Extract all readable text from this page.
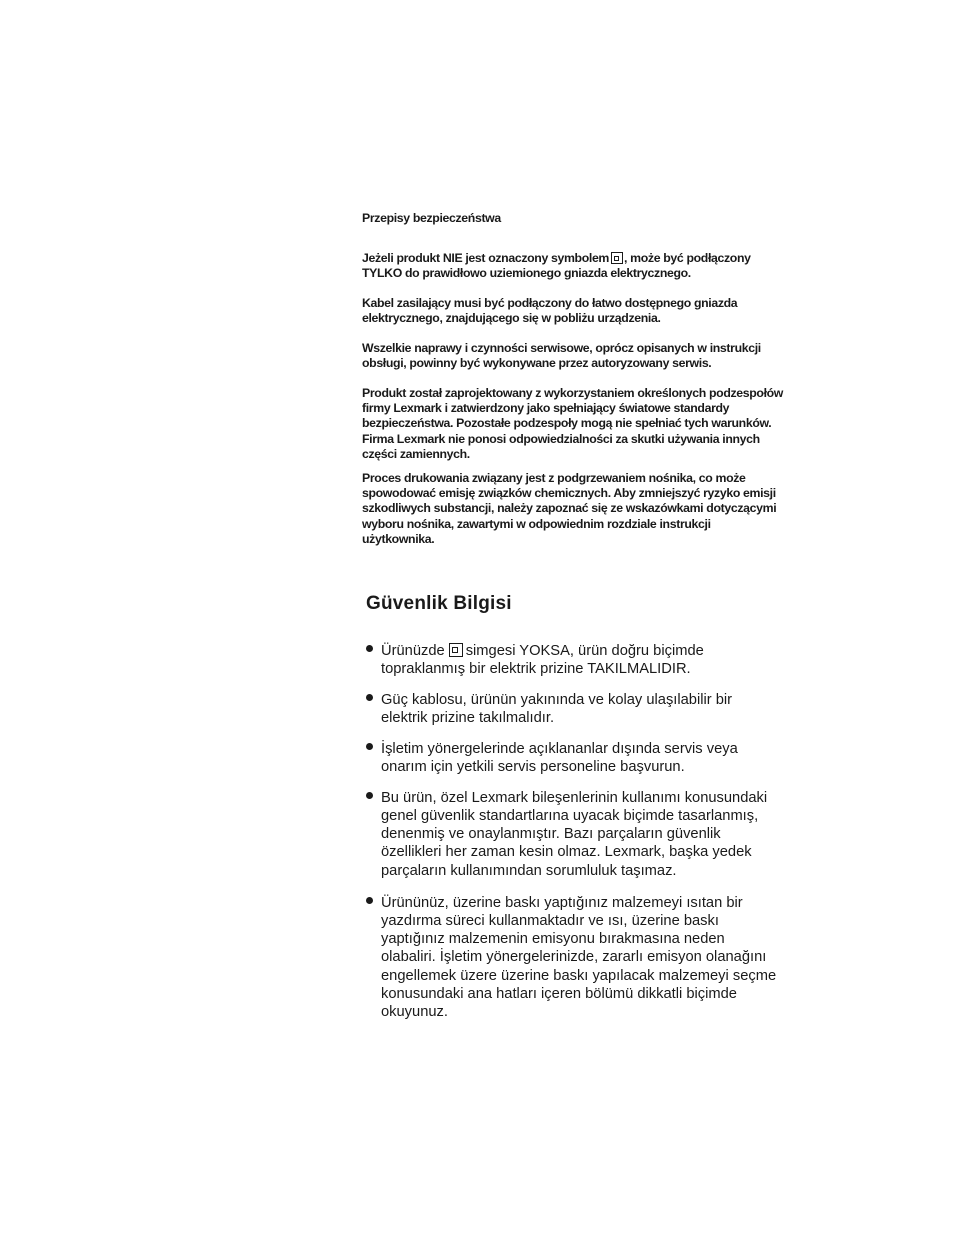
Przepisy bezpieczeństwa
Jeżeli produkt NIE jest oznaczony symbolem , może być podłączony
TYLKO do prawidłowo uziemionego gniazda elektrycznego.
Kabel zasilający musi być podłączony do łatwo dostępnego gniazda
elektrycznego, znajdującego się w pobliżu urządzenia.
Wszelkie naprawy i czynności serwisowe, oprócz opisanych w instrukcji
obsługi, powinny być wykonywane przez autoryzowany serwis.
Produkt został zaprojektowany z wykorzystaniem określonych podzespołów
firmy Lexmark i zatwierdzony jako spełniający światowe standardy
bezpieczeństwa. Pozostałe podzespoły mogą nie spełniać tych warunków.
Firma Lexmark nie ponosi odpowiedzialności za skutki używania innych
części zamiennych.
Proces drukowania związany jest z podgrzewaniem nośnika, co może
spowodować emisję związków chemicznych. Aby zmniejszyć ryzyko emisji
szkodliwych substancji, należy zapoznać się ze wskazówkami dotyczącymi
wyboru nośnika, zawartymi w odpowiednim rozdziale instrukcji
użytkownika.
Güvenlik Bilgisi
Ürünüzde simgesi YOKSA, ürün doğru biçimde
topraklanmış bir elektrik prizine TAKILMALIDIR.
Güç kablosu, ürünün yakınında ve kolay ulaşılabilir bir
elektrik prizine takılmalıdır.
İşletim yönergelerinde açıklananlar dışında servis veya
onarım için yetkili servis personeline başvurun.
Bu ürün, özel Lexmark bileşenlerinin kullanımı konusundaki
genel güvenlik standartlarına uyacak biçimde tasarlanmış,
denenmiş ve onaylanmıştır. Bazı parçaların güvenlik
özellikleri her zaman kesin olmaz. Lexmark, başka yedek
parçaların kullanımından sorumluluk taşımaz.
Ürününüz, üzerine baskı yaptığınız malzemeyi ısıtan bir
yazdırma süreci kullanmaktadır ve ısı, üzerine baskı
yaptığınız malzemenin emisyonu bırakmasına neden
olabaliri. İşletim yönergelerinizde, zararlı emisyon olanağını
engellemek üzere üzerine baskı yapılacak malzemeyi seçme
konusundaki ana hatları içeren bölümü dikkatli biçimde
okuyunuz.
